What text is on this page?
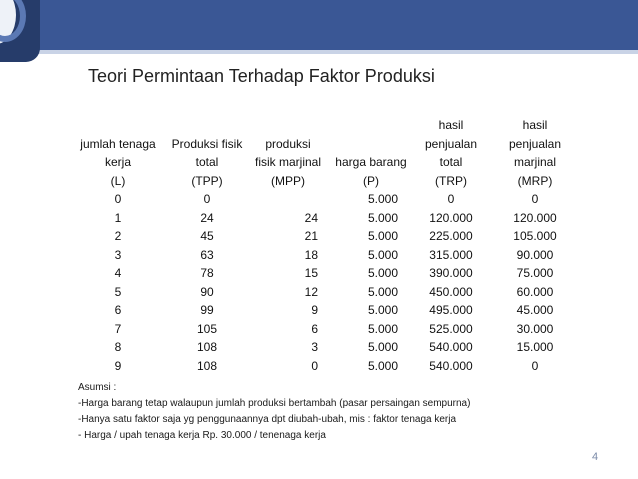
Teori Permintaan Terhadap Faktor Produksi
				hasil	hasil
jumlah tenaga	Produksi fisik	produksi		penjualan	penjualan
kerja	total	fisik marjinal	harga barang	total	marjinal
(L)	(TPP)	(MPP)	(P)	(TRP)	(MRP)
0	0		5.000	0	0
1	24	24	5.000	120.000	120.000
2	45	21	5.000	225.000	105.000
3	63	18	5.000	315.000	90.000
4	78	15	5.000	390.000	75.000
5	90	12	5.000	450.000	60.000
6	99	9	5.000	495.000	45.000
7	105	6	5.000	525.000	30.000
8	108	3	5.000	540.000	15.000
9	108	0	5.000	540.000	0
Asumsi :
-Harga barang tetap walaupun jumlah produksi bertambah (pasar persaingan sempurna)
-Hanya satu faktor saja yg penggunaannya dpt diubah-ubah, mis : faktor tenaga kerja
- Harga / upah tenaga kerja Rp. 30.000 / tenenaga kerja
4
